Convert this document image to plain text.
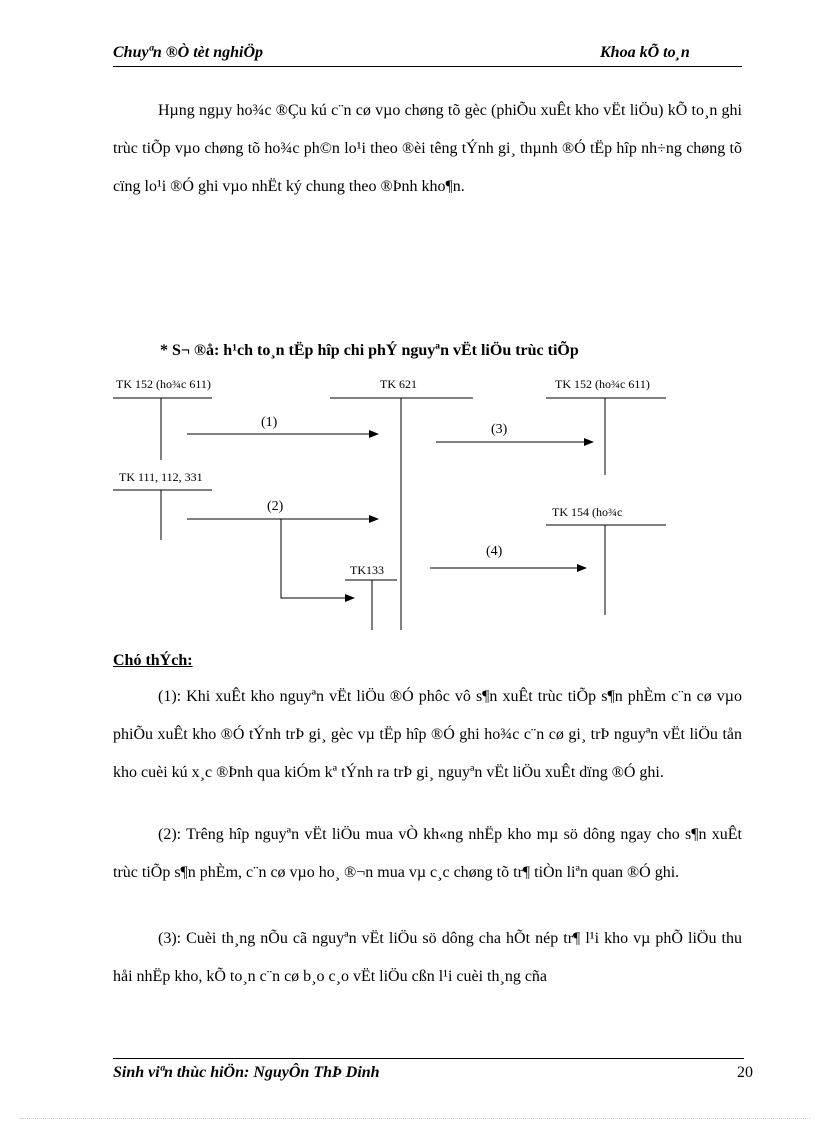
Chuyªn ®Ò tèt nghiÖp	Khoa kÕ to¸n
Hµng ngµy ho¾c ®Çu kú c¨n cø vµo chøng tõ gèc (phiÕu xuÊt kho vËt liÖu) kÕ to¸n ghi trùc tiÕp vµo chøng tõ ho¾c ph©n lo¹i theo ®èi têng tÝnh gi¸ thµnh ®Ó tËp hîp nh÷ng chøng tõ cïng lo¹i ®Ó ghi vµo nhËt ký chung theo ®Þnh kho¶n.
* S¬ ®å: h¹ch to¸n tËp hîp chi phÝ nguyªn vËt liÖu trùc tiÕp
TK 152 (ho¾c 611)
TK 111, 112, 331
TK 621
TK133
TK 152 (ho¾c 611)
TK 154 (ho¾c
(1)
(2)
(3)
(4)
Chó thÝch:
(1): Khi xuÊt kho nguyªn vËt liÖu ®Ó phôc vô s¶n xuÊt trùc tiÕp s¶n phÈm c¨n cø vµo phiÕu xuÊt kho ®Ó tÝnh trÞ gi¸ gèc vµ tËp hîp ®Ó ghi ho¾c c¨n cø gi¸ trÞ nguyªn vËt liÖu tån kho cuèi kú x¸c ®Þnh qua kiÓm kª tÝnh ra trÞ gi¸ nguyªn vËt liÖu xuÊt dïng ®Ó ghi.
(2): Trêng hîp nguyªn vËt liÖu mua vÒ kh«ng nhËp kho mµ sö dông ngay cho s¶n xuÊt trùc tiÕp s¶n phÈm, c¨n cø vµo ho¸ ®¬n mua vµ c¸c chøng tõ tr¶ tiÒn liªn quan ®Ó ghi.
(3): Cuèi th¸ng nÕu cã nguyªn vËt liÖu sö dông cha hÕt nép tr¶ l¹i kho vµ phÕ liÖu thu håi nhËp kho, kÕ to¸n c¨n cø b¸o c¸o vËt liÖu cßn l¹i cuèi th¸ng cña
Sinh viªn thùc hiÖn: NguyÔn ThÞ Dinh	20
